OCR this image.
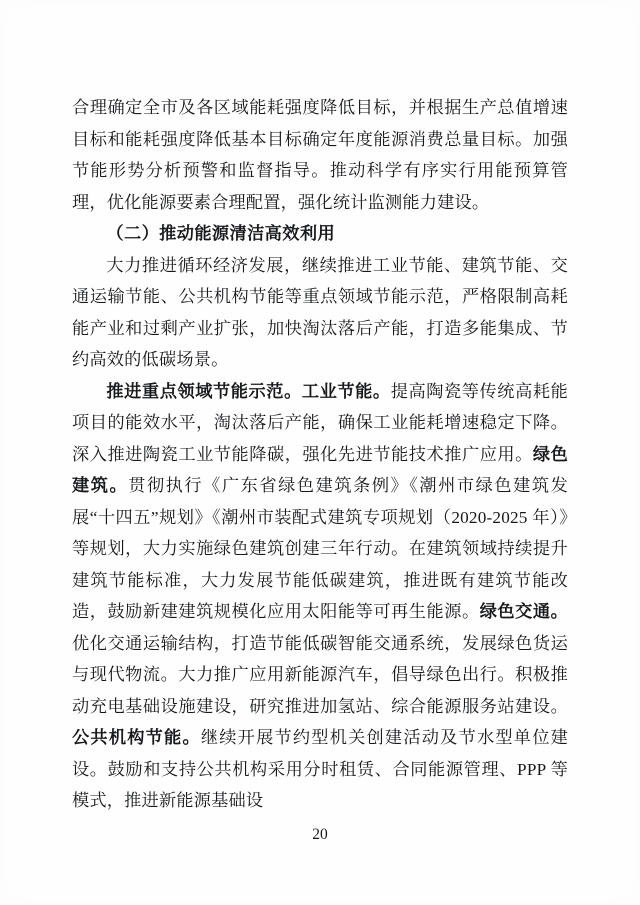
合理确定全市及各区域能耗强度降低目标，并根据生产总值增速目标和能耗强度降低基本目标确定年度能源消费总量目标。加强节能形势分析预警和监督指导。推动科学有序实行用能预算管理，优化能源要素合理配置，强化统计监测能力建设。

（二）推动能源清洁高效利用

大力推进循环经济发展，继续推进工业节能、建筑节能、交通运输节能、公共机构节能等重点领域节能示范，严格限制高耗能产业和过剩产业扩张，加快淘汰落后产能，打造多能集成、节约高效的低碳场景。

推进重点领域节能示范。工业节能。提高陶瓷等传统高耗能项目的能效水平，淘汰落后产能，确保工业能耗增速稳定下降。深入推进陶瓷工业节能降碳，强化先进节能技术推广应用。绿色建筑。贯彻执行《广东省绿色建筑条例》《潮州市绿色建筑发展“十四五”规划》《潮州市装配式建筑专项规划（2020-2025 年）》等规划，大力实施绿色建筑创建三年行动。在建筑领域持续提升建筑节能标准，大力发展节能低碳建筑，推进既有建筑节能改造，鼓励新建建筑规模化应用太阳能等可再生能源。绿色交通。优化交通运输结构，打造节能低碳智能交通系统，发展绿色货运与现代物流。大力推广应用新能源汽车，倡导绿色出行。积极推动充电基础设施建设，研究推进加氢站、综合能源服务站建设。公共机构节能。继续开展节约型机关创建活动及节水型单位建设。鼓励和支持公共机构采用分时租赁、合同能源管理、PPP 等模式，推进新能源基础设

20
